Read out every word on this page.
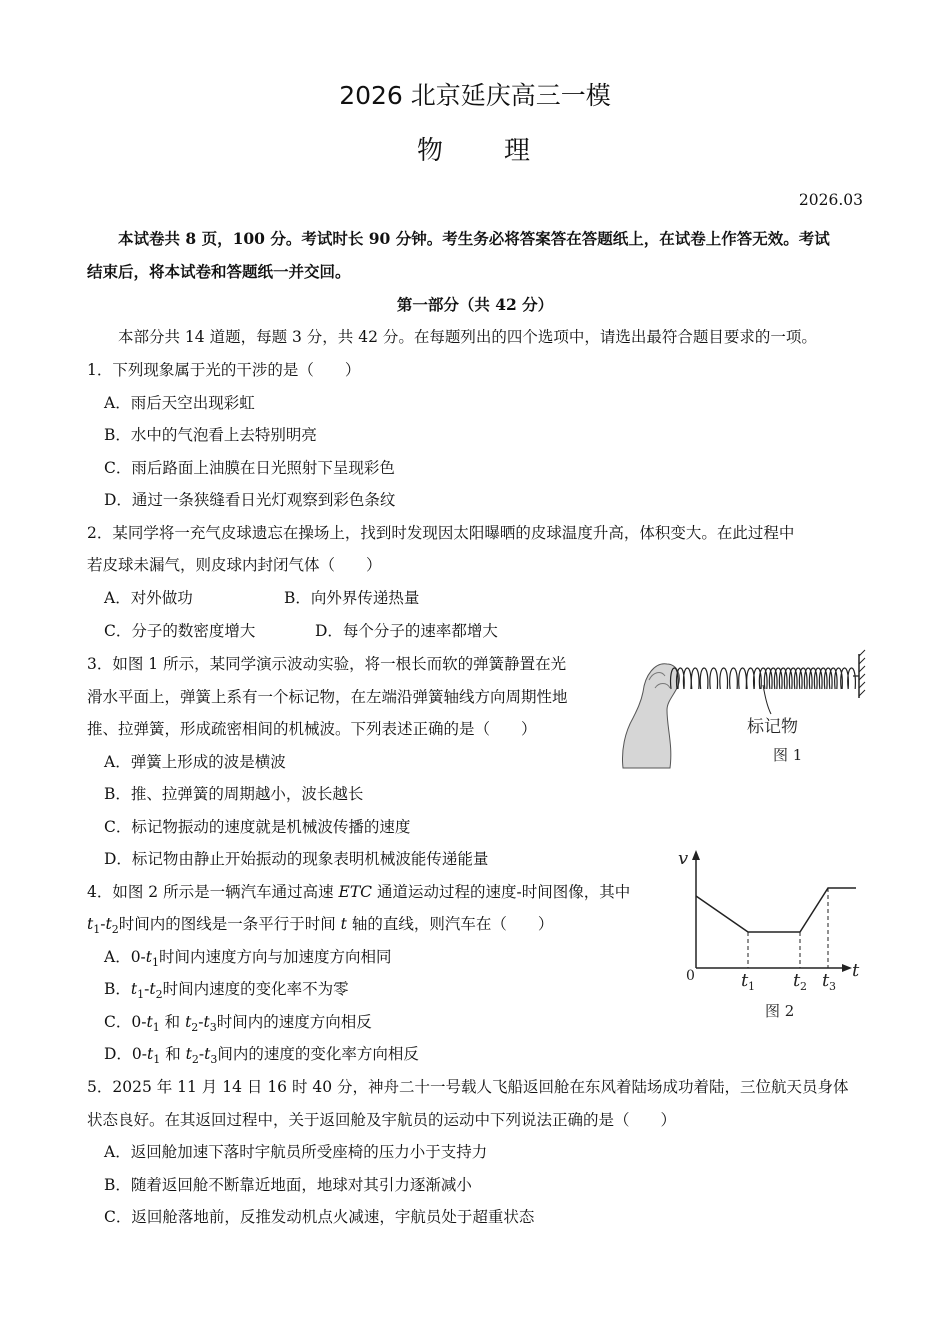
2026 北京延庆高三一模
物 理
2026.03
本试卷共 8 页，100 分。考试时长 90 分钟。考生务必将答案答在答题纸上，在试卷上作答无效。考试
结束后，将本试卷和答题纸一并交回。
第一部分（共 42 分）
本部分共 14 道题，每题 3 分，共 42 分。在每题列出的四个选项中，请选出最符合题目要求的一项。
1．下列现象属于光的干涉的是（　　）
A．雨后天空出现彩虹
B．水中的气泡看上去特别明亮
C．雨后路面上油膜在日光照射下呈现彩色
D．通过一条狭缝看日光灯观察到彩色条纹
2．某同学将一充气皮球遗忘在操场上，找到时发现因太阳曝晒的皮球温度升高，体积变大。在此过程中
若皮球未漏气，则皮球内封闭气体（　　）
A．对外做功	B．向外界传递热量
C．分子的数密度增大	D．每个分子的速率都增大
3．如图 1 所示，某同学演示波动实验，将一根长而软的弹簧静置在光
滑水平面上，弹簧上系有一个标记物，在左端沿弹簧轴线方向周期性地
推、拉弹簧，形成疏密相间的机械波。下列表述正确的是（　　）
A．弹簧上形成的波是横波
B．推、拉弹簧的周期越小，波长越长
C．标记物振动的速度就是机械波传播的速度
D．标记物由静止开始振动的现象表明机械波能传递能量
标记物
图 1
4．如图 2 所示是一辆汽车通过高速 ETC 通道运动过程的速度-时间图像，其中
$t_1-t_2$时间内的图线是一条平行于时间 t 轴的直线，则汽车在（　　）
A．$0-t_1$时间内速度方向与加速度方向相同
B．$t_1-t_2$时间内速度的变化率不为零
C．$0-t_1$ 和 $t_2-t_3$时间内的速度方向相反
D．$0-t_1$ 和 $t_2-t_3$间内的速度的变化率方向相反
v
t
0	t 1 t 2 t 3
图 2
5．2025 年 11 月 14 日 16 时 40 分，神舟二十一号载人飞船返回舱在东风着陆场成功着陆，三位航天员身体
状态良好。在其返回过程中，关于返回舱及宇航员的运动中下列说法正确的是（　　）
A．返回舱加速下落时宇航员所受座椅的压力小于支持力
B．随着返回舱不断靠近地面，地球对其引力逐渐减小
C．返回舱落地前，反推发动机点火减速，宇航员处于超重状态
